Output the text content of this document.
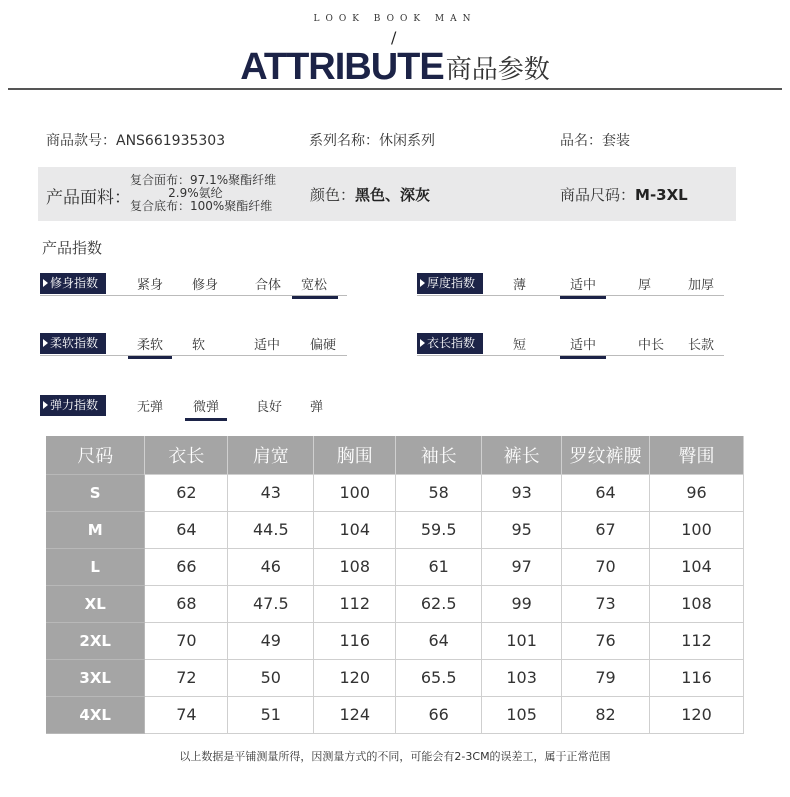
LOOK BOOK MAN
/
ATTRIBUTE商品参数
商品款号：ANS661935303	系列名称：休闲系列	品名：套装
产品面料：
复合面布：97.1%聚酯纤维
2.9%氨纶
复合底布：100%聚酯纤维
颜色：黑色、深灰	商品尺码：M-3XL
产品指数
修身指数	紧身 修身	合体	宽松	厚度指数	薄	适中	厚	加厚
柔软指数	柔软	软	适中 偏硬	衣长指数	短	适中	中长 长款
弹力指数	无弹	微弹	良好 弹
尺码	衣长	肩宽	胸围	袖长	裤长	罗纹裤腰	臀围
S	62	43	100	58	93	64	96
M	64	44.5	104	59.5	95	67	100
L	66	46	108	61	97	70	104
XL	68	47.5	112	62.5	99	73	108
2XL	70	49	116	64	101	76	112
3XL	72	50	120	65.5	103	79	116
4XL	74	51	124	66	105	82	120
以上数据是平铺测量所得，因测量方式的不同，可能会有2-3CM的误差工，属于正常范围
